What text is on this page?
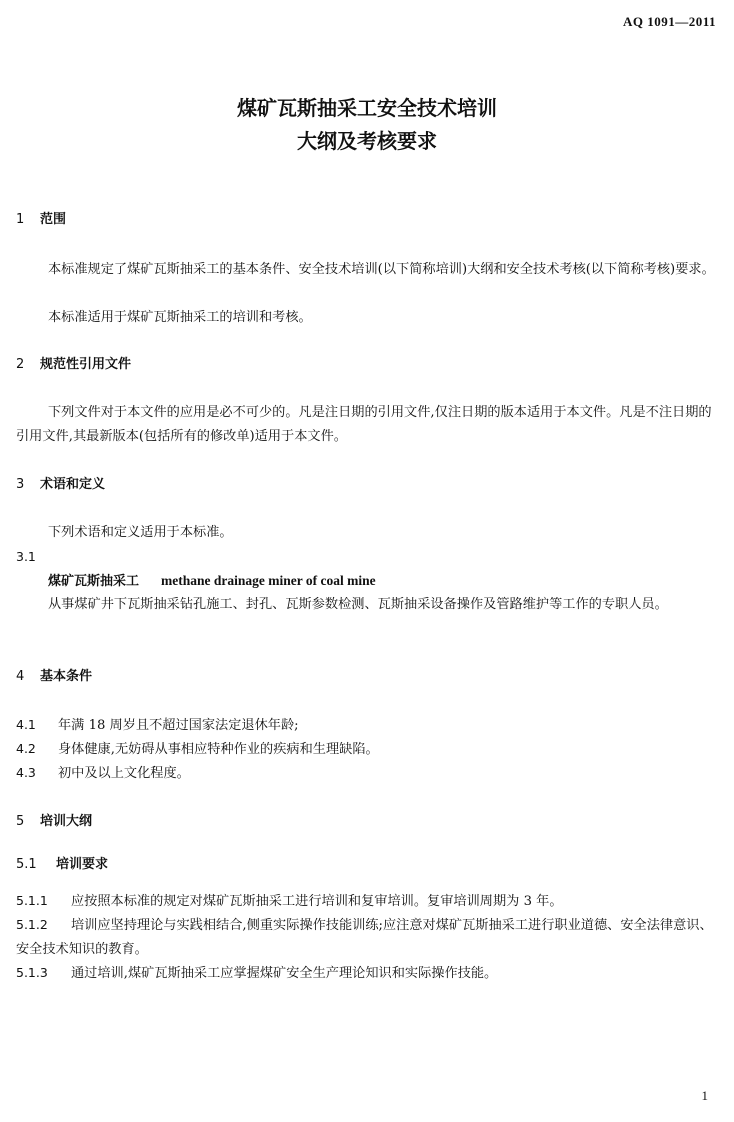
AQ 1091—2011
煤矿瓦斯抽采工安全技术培训
大纲及考核要求
1 范围
本标准规定了煤矿瓦斯抽采工的基本条件、安全技术培训(以下简称培训)大纲和安全技术考核(以下简称考核)要求。
本标准适用于煤矿瓦斯抽采工的培训和考核。
2 规范性引用文件
下列文件对于本文件的应用是必不可少的。凡是注日期的引用文件,仅注日期的版本适用于本文件。凡是不注日期的引用文件,其最新版本(包括所有的修改单)适用于本文件。
3 术语和定义
下列术语和定义适用于本标准。
3.1
煤矿瓦斯抽采工 methane drainage miner of coal mine
从事煤矿井下瓦斯抽采钻孔施工、封孔、瓦斯参数检测、瓦斯抽采设备操作及管路维护等工作的专职人员。
4 基本条件
4.1 年满 18 周岁且不超过国家法定退休年龄;
4.2 身体健康,无妨碍从事相应特种作业的疾病和生理缺陷。
4.3 初中及以上文化程度。
5 培训大纲
5.1 培训要求
5.1.1 应按照本标准的规定对煤矿瓦斯抽采工进行培训和复审培训。复审培训周期为 3 年。
5.1.2 培训应坚持理论与实践相结合,侧重实际操作技能训练;应注意对煤矿瓦斯抽采工进行职业道德、安全法律意识、安全技术知识的教育。
5.1.3 通过培训,煤矿瓦斯抽采工应掌握煤矿安全生产理论知识和实际操作技能。
1
